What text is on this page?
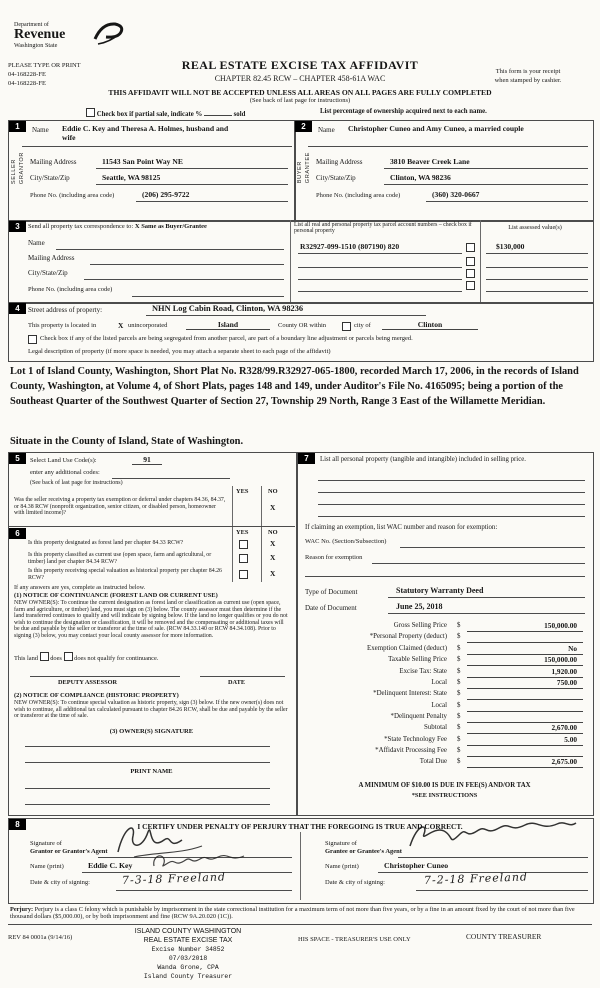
Department of
Revenue
Washington State
PLEASE TYPE OR PRINT
04-168228-FE
04-168228-FE
REAL ESTATE EXCISE TAX AFFIDAVIT
CHAPTER 82.45 RCW – CHAPTER 458-61A WAC
This form is your receipt
when stamped by cashier.
THIS AFFIDAVIT WILL NOT BE ACCEPTED UNLESS ALL AREAS ON ALL PAGES ARE FULLY COMPLETED
(See back of last page for instructions)
Check box if partial sale, indicate %	sold	List percentage of ownership acquired next to each name.
1	Name Eddie C. Key and Theresa A. Holmes, husband and wife
SELLER GRANTOR Mailing Address	11543 San Point Way NE
City/State/Zip	Seattle, WA 98125
Phone No. (including area code)	(206) 295-9722
2	Name Christopher Cuneo and Amy Cuneo, a married couple
BUYER GRANTEE Mailing Address	3810 Beaver Creek Lane
City/State/Zip	Clinton, WA 98236
Phone No. (including area code)	(360) 320-0667
3	Send all property tax correspondence to: X Same as Buyer/Grantee
Name
Mailing Address
City/State/Zip
Phone No. (including area code)
List all real and personal property tax parcel account numbers – check box if personal property
R32927-099-1510 (807190) 820
List assessed value(s)
$130,000
4	Street address of property:	NHN Log Cabin Road, Clinton, WA 98236
This property is located in	X unincorporated	Island	County OR within	city of	Clinton
Check box if any of the listed parcels are being segregated from another parcel, are part of a boundary line adjustment or parcels being merged.
Legal description of property (if more space is needed, you may attach a separate sheet to each page of the affidavit)
Lot 1 of Island County, Washington, Short Plat No. R328/99.R32927-065-1800, recorded March 17, 2006, in the records of Island County, Washington, at Volume 4, of Short Plats, pages 148 and 149, under Auditor's File No. 4165095; being a portion of the Southeast Quarter of the Southwest Quarter of Section 27, Township 29 North, Range 3 East of the Willamette Meridian.
Situate in the County of Island, State of Washington.
5	Select Land Use Code(s):	91
enter any additional codes:
(See back of last page for instructions)
YES	NO
Was the seller receiving a property tax exemption or deferral under chapters 84.36, 84.37, or 84.38 RCW (nonprofit organization, senior citizen, or disabled person, homeowner with limited income)?
X
6	YES	NO
Is this property designated as forest land per chapter 84.33 RCW?	X
Is this property classified as current use (open space, farm and agricultural, or timber) land per chapter 84.34 RCW?	X
Is this property receiving special valuation as historical property per chapter 84.26 RCW?	X
If any answers are yes, complete as instructed below.
(1) NOTICE OF CONTINUANCE (FOREST LAND OR CURRENT USE)
NEW OWNER(S): To continue the current designation as forest land or classification as current use (open space, farm and agriculture, or timber) land, you must sign on (3) below. The county assessor must then determine if the land transferred continues to qualify and will indicate by signing below. If the land no longer qualifies or you do not wish to continue the designation or classification, it will be removed and the compensating or additional taxes will be due and payable by the seller or transferor at the time of sale. (RCW 84.33.140 or RCW 84.34.108). Prior to signing (3) below, you may contact your local county assessor for more information.
This land does does not qualify for continuance.
DEPUTY ASSESSOR	DATE
(2) NOTICE OF COMPLIANCE (HISTORIC PROPERTY)
NEW OWNER(S): To continue special valuation as historic property, sign (3) below. If the new owner(s) does not wish to continue, all additional tax calculated pursuant to chapter 84.26 RCW, shall be due and payable by the seller or transferor at the time of sale.
(3) OWNER(S) SIGNATURE
PRINT NAME
7	List all personal property (tangible and intangible) included in selling price.
If claiming an exemption, list WAC number and reason for exemption:
WAC No. (Section/Subsection)
Reason for exemption
Type of Document	Statutory Warranty Deed
Date of Document	June 25, 2018
Gross Selling Price $	150,000.00
*Personal Property (deduct) $
Exemption Claimed (deduct) $	No
Taxable Selling Price $	150,000.00
Excise Tax: State $	1,920.00
Local $	750.00
*Delinquent Interest: State $
Local $
*Delinquent Penalty $
Subtotal $	2,670.00
*State Technology Fee $	5.00
*Affidavit Processing Fee $
Total Due $	2,675.00
A MINIMUM OF $10.00 IS DUE IN FEE(S) AND/OR TAX
*SEE INSTRUCTIONS
8	I CERTIFY UNDER PENALTY OF PERJURY THAT THE FOREGOING IS TRUE AND CORRECT.
Signature of
Grantor or Grantor's Agent
Name (print)	Eddie C. Key
Date & city of signing:	7-3-18 Freeland
Signature of
Grantee or Grantee's Agent
Name (print)	Christopher Cuneo
Date & city of signing:	7-2-18 Freeland
Perjury: Perjury is a class C felony which is punishable by imprisonment in the state correctional institution for a maximum term of not more than five years, or by a fine in an amount fixed by the court of not more than five thousand dollars ($5,000.00), or by both imprisonment and fine (RCW 9A.20.020 (1C)).
REV 84 0001a (9/14/16)
ISLAND COUNTY WASHINGTON
REAL ESTATE EXCISE TAX
Excise Number 34852
07/03/2018
Wanda Grone, CPA
Island County Treasurer
HIS SPACE - TREASURER'S USE ONLY	COUNTY TREASURER
